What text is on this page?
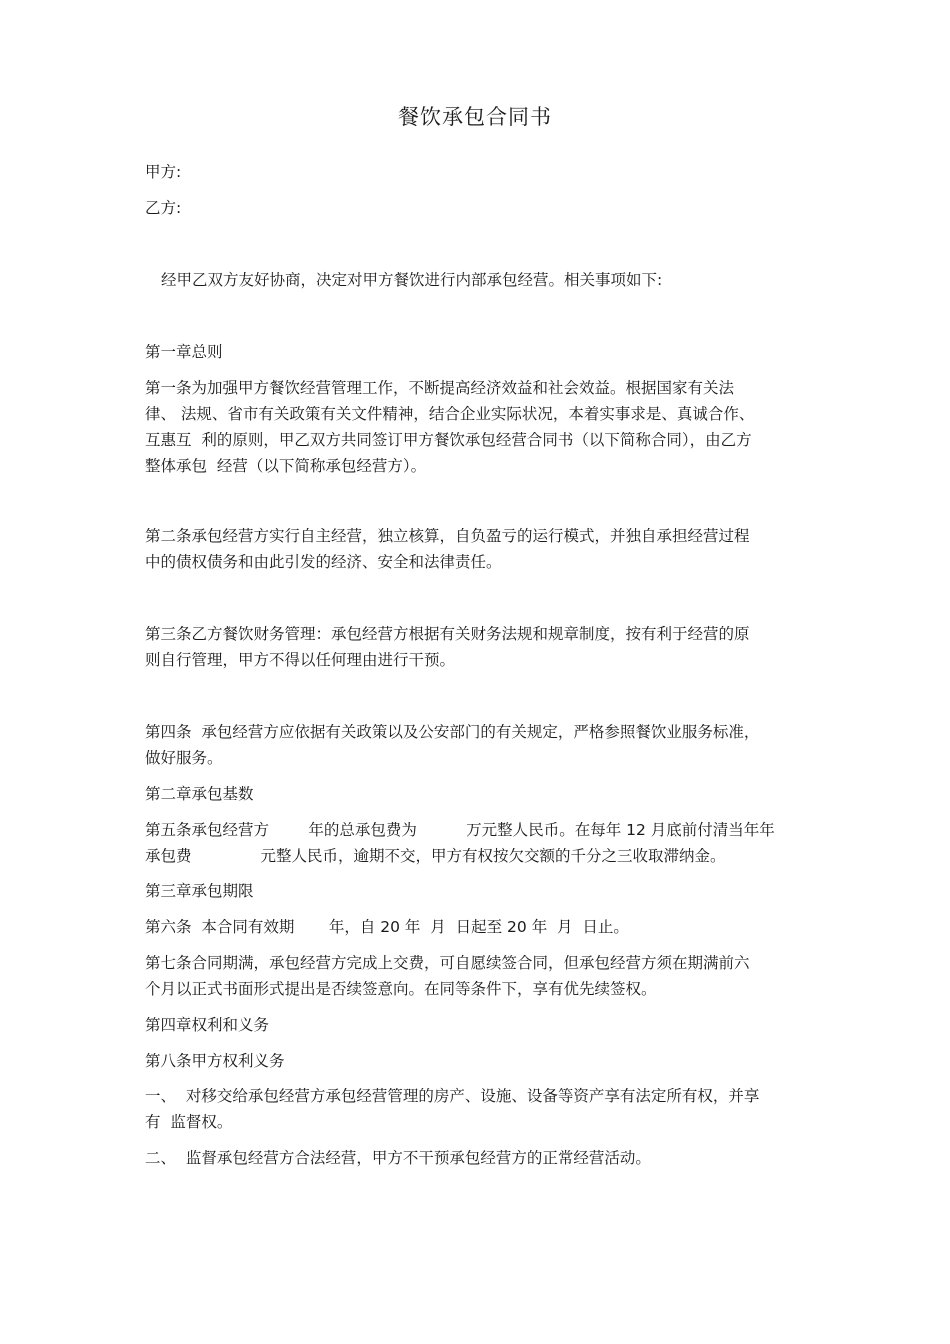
餐饮承包合同书
甲方:
乙方:
经甲乙双方友好协商，决定对甲方餐饮进行内部承包经营。相关事项如下:
第一章总则
第一条为加强甲方餐饮经营管理工作，不断提高经济效益和社会效益。根据国家有关法
律、 法规、省市有关政策有关文件精神，结合企业实际状况，本着实事求是、真诚合作、
互惠互  利的原则，甲乙双方共同签订甲方餐饮承包经营合同书（以下简称合同），由乙方
整体承包  经营（以下简称承包经营方）。
第二条承包经营方实行自主经营，独立核算，自负盈亏的运行模式，并独自承担经营过程
中的债权债务和由此引发的经济、安全和法律责任。
第三条乙方餐饮财务管理：承包经营方根据有关财务法规和规章制度，按有利于经营的原
则自行管理，甲方不得以任何理由进行干预。
第四条  承包经营方应依据有关政策以及公安部门的有关规定，严格参照餐饮业服务标准，
做好服务。
第二章承包基数
第五条承包经营方        年的总承包费为          万元整人民币。在每年 12 月底前付清当年年
承包费              元整人民币，逾期不交，甲方有权按欠交额的千分之三收取滞纳金。
第三章承包期限
第六条  本合同有效期       年，自 20 年  月  日起至 20 年  月  日止。
第七条合同期满，承包经营方完成上交费，可自愿续签合同，但承包经营方须在期满前六
个月以正式书面形式提出是否续签意向。在同等条件下，享有优先续签权。
第四章权利和义务
第八条甲方权利义务
一、  对移交给承包经营方承包经营管理的房产、设施、设备等资产享有法定所有权，并享
有  监督权。
二、  监督承包经营方合法经营，甲方不干预承包经营方的正常经营活动。
